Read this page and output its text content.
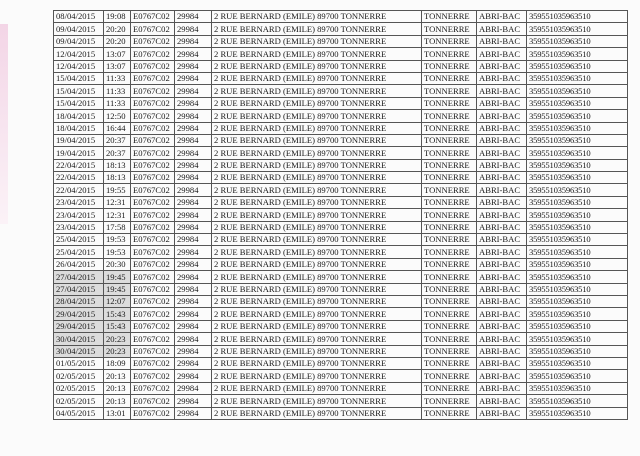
08/04/2015	19:08	E0767C02	29984	2 RUE BERNARD (EMILE) 89700 TONNERRE	TONNERRE	ABRI-BAC	359551035963510
09/04/2015	20:20	E0767C02	29984	2 RUE BERNARD (EMILE) 89700 TONNERRE	TONNERRE	ABRI-BAC	359551035963510
09/04/2015	20:20	E0767C02	29984	2 RUE BERNARD (EMILE) 89700 TONNERRE	TONNERRE	ABRI-BAC	359551035963510
12/04/2015	13:07	E0767C02	29984	2 RUE BERNARD (EMILE) 89700 TONNERRE	TONNERRE	ABRI-BAC	359551035963510
12/04/2015	13:07	E0767C02	29984	2 RUE BERNARD (EMILE) 89700 TONNERRE	TONNERRE	ABRI-BAC	359551035963510
15/04/2015	11:33	E0767C02	29984	2 RUE BERNARD (EMILE) 89700 TONNERRE	TONNERRE	ABRI-BAC	359551035963510
15/04/2015	11:33	E0767C02	29984	2 RUE BERNARD (EMILE) 89700 TONNERRE	TONNERRE	ABRI-BAC	359551035963510
15/04/2015	11:33	E0767C02	29984	2 RUE BERNARD (EMILE) 89700 TONNERRE	TONNERRE	ABRI-BAC	359551035963510
18/04/2015	12:50	E0767C02	29984	2 RUE BERNARD (EMILE) 89700 TONNERRE	TONNERRE	ABRI-BAC	359551035963510
18/04/2015	16:44	E0767C02	29984	2 RUE BERNARD (EMILE) 89700 TONNERRE	TONNERRE	ABRI-BAC	359551035963510
19/04/2015	20:37	E0767C02	29984	2 RUE BERNARD (EMILE) 89700 TONNERRE	TONNERRE	ABRI-BAC	359551035963510
19/04/2015	20:37	E0767C02	29984	2 RUE BERNARD (EMILE) 89700 TONNERRE	TONNERRE	ABRI-BAC	359551035963510
22/04/2015	18:13	E0767C02	29984	2 RUE BERNARD (EMILE) 89700 TONNERRE	TONNERRE	ABRI-BAC	359551035963510
22/04/2015	18:13	E0767C02	29984	2 RUE BERNARD (EMILE) 89700 TONNERRE	TONNERRE	ABRI-BAC	359551035963510
22/04/2015	19:55	E0767C02	29984	2 RUE BERNARD (EMILE) 89700 TONNERRE	TONNERRE	ABRI-BAC	359551035963510
23/04/2015	12:31	E0767C02	29984	2 RUE BERNARD (EMILE) 89700 TONNERRE	TONNERRE	ABRI-BAC	359551035963510
23/04/2015	12:31	E0767C02	29984	2 RUE BERNARD (EMILE) 89700 TONNERRE	TONNERRE	ABRI-BAC	359551035963510
23/04/2015	17:58	E0767C02	29984	2 RUE BERNARD (EMILE) 89700 TONNERRE	TONNERRE	ABRI-BAC	359551035963510
25/04/2015	19:53	E0767C02	29984	2 RUE BERNARD (EMILE) 89700 TONNERRE	TONNERRE	ABRI-BAC	359551035963510
25/04/2015	19:53	E0767C02	29984	2 RUE BERNARD (EMILE) 89700 TONNERRE	TONNERRE	ABRI-BAC	359551035963510
26/04/2015	20:30	E0767C02	29984	2 RUE BERNARD (EMILE) 89700 TONNERRE	TONNERRE	ABRI-BAC	359551035963510
27/04/2015	19:45	E0767C02	29984	2 RUE BERNARD (EMILE) 89700 TONNERRE	TONNERRE	ABRI-BAC	359551035963510
27/04/2015	19:45	E0767C02	29984	2 RUE BERNARD (EMILE) 89700 TONNERRE	TONNERRE	ABRI-BAC	359551035963510
28/04/2015	12:07	E0767C02	29984	2 RUE BERNARD (EMILE) 89700 TONNERRE	TONNERRE	ABRI-BAC	359551035963510
29/04/2015	15:43	E0767C02	29984	2 RUE BERNARD (EMILE) 89700 TONNERRE	TONNERRE	ABRI-BAC	359551035963510
29/04/2015	15:43	E0767C02	29984	2 RUE BERNARD (EMILE) 89700 TONNERRE	TONNERRE	ABRI-BAC	359551035963510
30/04/2015	20:23	E0767C02	29984	2 RUE BERNARD (EMILE) 89700 TONNERRE	TONNERRE	ABRI-BAC	359551035963510
30/04/2015	20:23	E0767C02	29984	2 RUE BERNARD (EMILE) 89700 TONNERRE	TONNERRE	ABRI-BAC	359551035963510
01/05/2015	18:09	E0767C02	29984	2 RUE BERNARD (EMILE) 89700 TONNERRE	TONNERRE	ABRI-BAC	359551035963510
02/05/2015	20:13	E0767C02	29984	2 RUE BERNARD (EMILE) 89700 TONNERRE	TONNERRE	ABRI-BAC	359551035963510
02/05/2015	20:13	E0767C02	29984	2 RUE BERNARD (EMILE) 89700 TONNERRE	TONNERRE	ABRI-BAC	359551035963510
02/05/2015	20:13	E0767C02	29984	2 RUE BERNARD (EMILE) 89700 TONNERRE	TONNERRE	ABRI-BAC	359551035963510
04/05/2015	13:01	E0767C02	29984	2 RUE BERNARD (EMILE) 89700 TONNERRE	TONNERRE	ABRI-BAC	359551035963510
